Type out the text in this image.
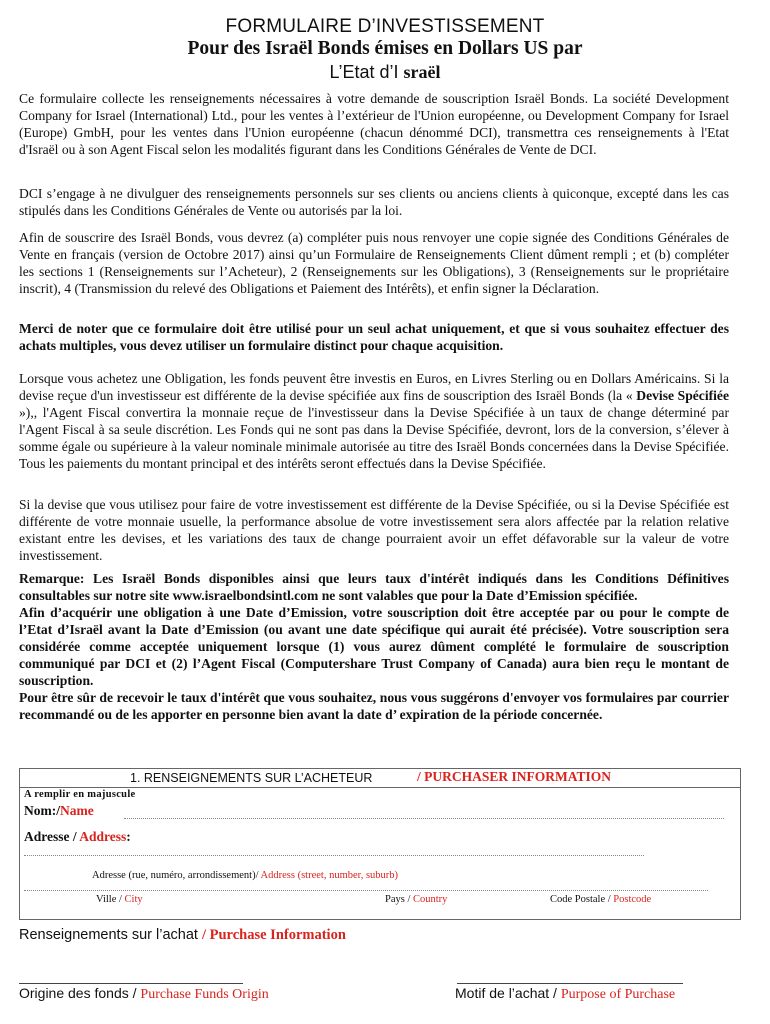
FORMULAIRE D’INVESTISSEMENT
Pour des Israël Bonds émises en Dollars US par
L’Etat d’I sraël
Ce formulaire collecte les renseignements nécessaires à votre demande de souscription Israël Bonds. La société Development Company for Israel (International) Ltd., pour les ventes à l’extérieur de l'Union européenne, ou Development Company for Israel (Europe) GmbH, pour les ventes dans l'Union européenne (chacun dénommé DCI), transmettra ces renseignements à l'Etat d'Israël ou à son Agent Fiscal selon les modalités figurant dans les Conditions Générales de Vente de DCI.
DCI s’engage à ne divulguer des renseignements personnels sur ses clients ou anciens clients à quiconque, excepté dans les cas stipulés dans les Conditions Générales de Vente ou autorisés par la loi.
Afin de souscrire des Israël Bonds, vous devrez (a) compléter puis nous renvoyer une copie signée des Conditions Générales de Vente en français (version de Octobre 2017) ainsi qu’un Formulaire de Renseignements Client dûment rempli ; et (b) compléter les sections 1 (Renseignements sur l’Acheteur), 2 (Renseignements sur les Obligations), 3 (Renseignements sur le propriétaire inscrit), 4 (Transmission du relevé des Obligations et Paiement des Intérêts), et enfin signer la Déclaration.
Merci de noter que ce formulaire doit être utilisé pour un seul achat uniquement, et que si vous souhaitez effectuer des achats multiples, vous devez utiliser un formulaire distinct pour chaque acquisition.
Lorsque vous achetez une Obligation, les fonds peuvent être investis en Euros, en Livres Sterling ou en Dollars Américains. Si la devise reçue d'un investisseur est différente de la devise spécifiée aux fins de souscription des Israël Bonds (la « Devise Spécifiée »),, l'Agent Fiscal convertira la monnaie reçue de l'investisseur dans la Devise Spécifiée à un taux de change déterminé par l'Agent Fiscal à sa seule discrétion. Les Fonds qui ne sont pas dans la Devise Spécifiée, devront, lors de la conversion, s’élever à somme égale ou supérieure à la valeur nominale minimale autorisée au titre des Israël Bonds concernées dans la Devise Spécifiée. Tous les paiements du montant principal et des intérêts seront effectués dans la Devise Spécifiée.
Si la devise que vous utilisez pour faire de votre investissement est différente de la Devise Spécifiée, ou si la Devise Spécifiée est différente de votre monnaie usuelle, la performance absolue de votre investissement sera alors affectée par la relation relative existant entre les devises, et les variations des taux de change pourraient avoir un effet défavorable sur la valeur de votre investissement.
Remarque: Les Israël Bonds disponibles ainsi que leurs taux d'intérêt indiqués dans les Conditions Définitives consultables sur notre site www.israelbondsintl.com ne sont valables que pour la Date d’Emission spécifiée.
Afin d’acquérir une obligation à une Date d’Emission, votre souscription doit être acceptée par ou pour le compte de l’Etat d’Israël avant la Date d’Emission (ou avant une date spécifique qui aurait été précisée). Votre souscription sera considérée comme acceptée uniquement lorsque (1) vous aurez dûment complété le formulaire de souscription communiqué par DCI et (2) l’Agent Fiscal (Computershare Trust Company of Canada) aura bien reçu le montant de souscription.
Pour être sûr de recevoir le taux d'intérêt que vous souhaitez, nous vous suggérons d'envoyer vos formulaires par courrier recommandé ou de les apporter en personne bien avant la date d’ expiration de la période concernée.
1. RENSEIGNEMENTS SUR L’ACHETEUR	/ PURCHASER INFORMATION
A remplir en majuscule
Nom:/Name
Adresse / Address:
Adresse (rue, numéro, arrondissement)/ Address (street, number, suburb)
Ville / City	Pays / Country	Code Postale / Postcode
Renseignements sur l’achat / Purchase Information
Origine des fonds / Purchase Funds Origin	Motif de l’achat / Purpose of Purchase
